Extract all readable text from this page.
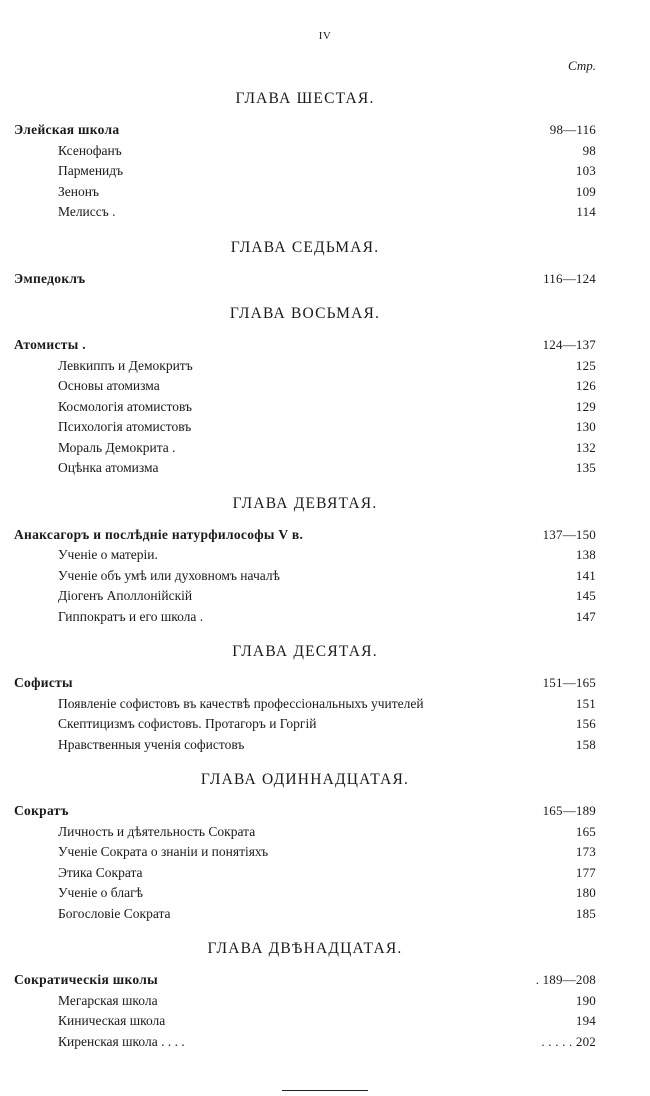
IV
Стр.
ГЛАВА ШЕСТАЯ.
Элейская школа	98—116
Ксенофанъ	98
Парменидъ	103
Зенонъ	109
Мелиссъ .	114
ГЛАВА СЕДЬМАЯ.
Эмпедоклъ	116—124
ГЛАВА ВОСЬМАЯ.
Атомисты .	124—137
Левкиппъ и Демокритъ	125
Основы атомизма	126
Космологія атомистовъ	129
Психологія атомистовъ	130
Мораль Демокрита .	132
Оцѣнка атомизма	135
ГЛАВА ДЕВЯТАЯ.
Анаксагоръ и послѣдніе натурфилософы V в.	137—150
Ученіе о матеріи .	138
Ученіе объ умѣ или духовномъ началѣ	141
Діогенъ Аполлонійскій	145
Гиппократъ и его школа .	147
ГЛАВА ДЕСЯТАЯ.
Софисты	151—165
Появленіе софистовъ въ качествѣ профессіональныхъ учителей	151
Скептицизмъ софистовъ. Протагоръ и Горгій	156
Нравственныя ученія софистовъ	158
ГЛАВА ОДИННАДЦАТАЯ.
Сократъ	165—189
Личность и дѣятельность Сократа	165
Ученіе Сократа о знаніи и понятіяхъ	173
Этика Сократа	177
Ученіе о благѣ	180
Богословіе Сократа	185
ГЛАВА ДВѢНАДЦАТАЯ.
Сократическія школы	. 189—208
Мегарская школа	190
Киническая школа	194
Киренская школа . . . .	. . . . . 202
